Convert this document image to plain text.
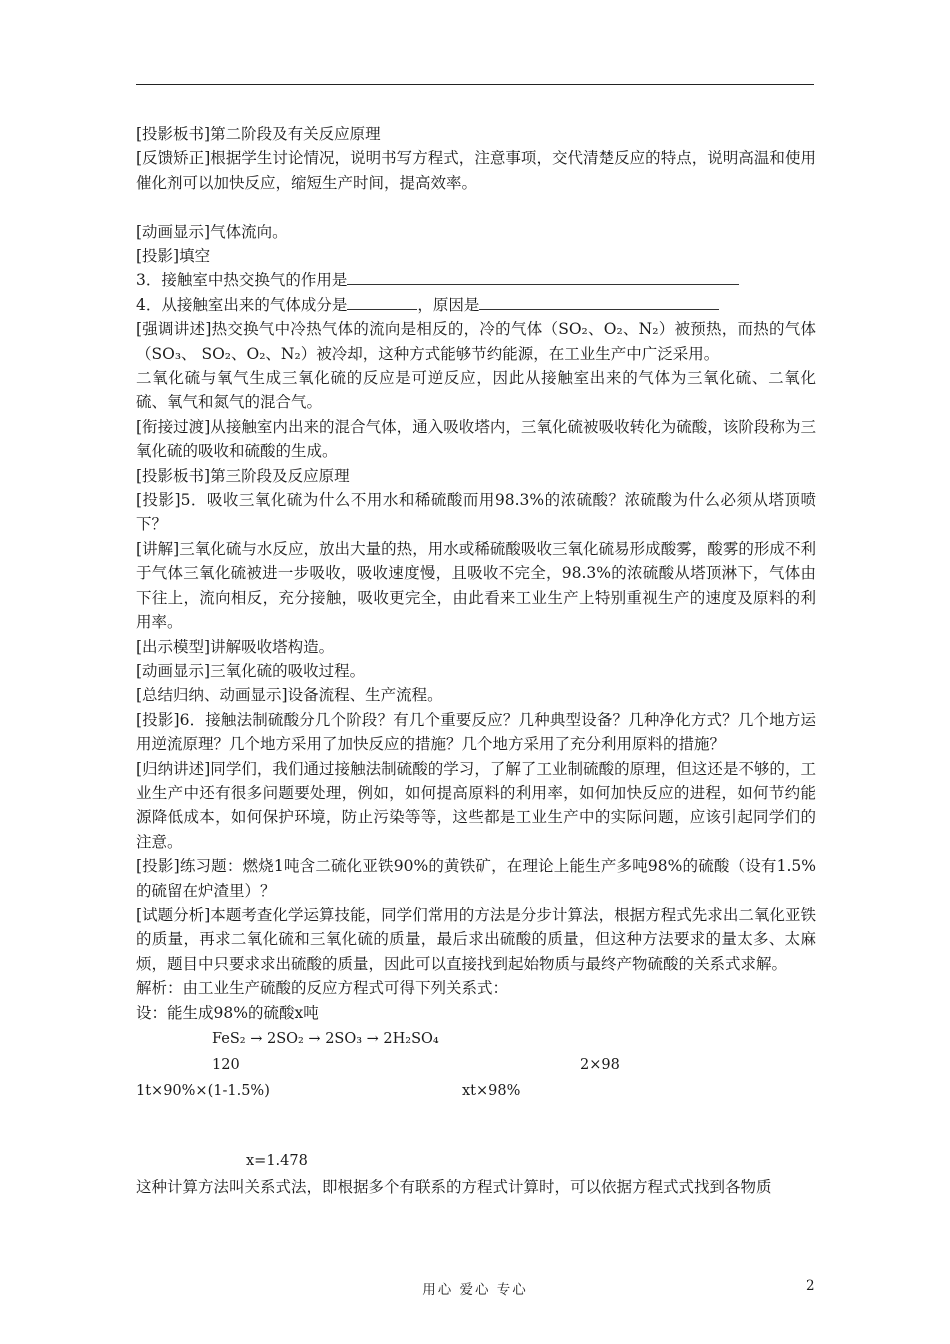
[投影板书]第二阶段及有关反应原理

[反馈矫正]根据学生讨论情况，说明书写方程式，注意事项，交代清楚反应的特点，说明高温和使用催化剂可以加快反应，缩短生产时间，提高效率。

[动画显示]气体流向。

[投影]填空

3．接触室中热交换气的作用是

4．从接触室出来的气体成分是	，原因是

[强调讲述]热交换气中冷热气体的流向是相反的，冷的气体（SO₂、O₂、N₂）被预热，而热的气体（SO₃、 SO₂、O₂、N₂）被冷却，这种方式能够节约能源，在工业生产中广泛采用。

二氧化硫与氧气生成三氧化硫的反应是可逆反应，因此从接触室出来的气体为三氧化硫、二氧化硫、氧气和氮气的混合气。

[衔接过渡]从接触室内出来的混合气体，通入吸收塔内，三氧化硫被吸收转化为硫酸，该阶段称为三氧化硫的吸收和硫酸的生成。

[投影板书]第三阶段及反应原理

[投影]5．吸收三氧化硫为什么不用水和稀硫酸而用98.3%的浓硫酸？浓硫酸为什么必须从塔顶喷下？

[讲解]三氧化硫与水反应，放出大量的热，用水或稀硫酸吸收三氧化硫易形成酸雾，酸雾的形成不利于气体三氧化硫被进一步吸收，吸收速度慢，且吸收不完全，98.3%的浓硫酸从塔顶淋下，气体由下往上，流向相反，充分接触，吸收更完全，由此看来工业生产上特别重视生产的速度及原料的利用率。

[出示模型]讲解吸收塔构造。

[动画显示]三氧化硫的吸收过程。

[总结归纳、动画显示]设备流程、生产流程。

[投影]6．接触法制硫酸分几个阶段？有几个重要反应？几种典型设备？几种净化方式？几个地方运用逆流原理？几个地方采用了加快反应的措施？几个地方采用了充分利用原料的措施？

[归纳讲述]同学们，我们通过接触法制硫酸的学习，了解了工业制硫酸的原理，但这还是不够的，工业生产中还有很多问题要处理，例如，如何提高原料的利用率，如何加快反应的进程，如何节约能源降低成本，如何保护环境，防止污染等等，这些都是工业生产中的实际问题，应该引起同学们的注意。

[投影]练习题：燃烧1吨含二硫化亚铁90%的黄铁矿，在理论上能生产多吨98%的硫酸（设有1.5%的硫留在炉渣里）？

[试题分析]本题考查化学运算技能，同学们常用的方法是分步计算法，根据方程式先求出二氧化亚铁的质量，再求二氧化硫和三氧化硫的质量，最后求出硫酸的质量，但这种方法要求的量太多、太麻烦，题目中只要求求出硫酸的质量，因此可以直接找到起始物质与最终产物硫酸的关系式求解。

解析：由工业生产硫酸的反应方程式可得下列关系式：

设：能生成98%的硫酸x吨

FeS₂ → 2SO₂ → 2SO₃ → 2H₂SO₄
120	2×98
1t×90%×(1-1.5%)	xt×98%
x=1.478

这种计算方法叫关系式法，即根据多个有联系的方程式计算时，可以依据方程式式找到各物质

用心 爱心 专心	2
